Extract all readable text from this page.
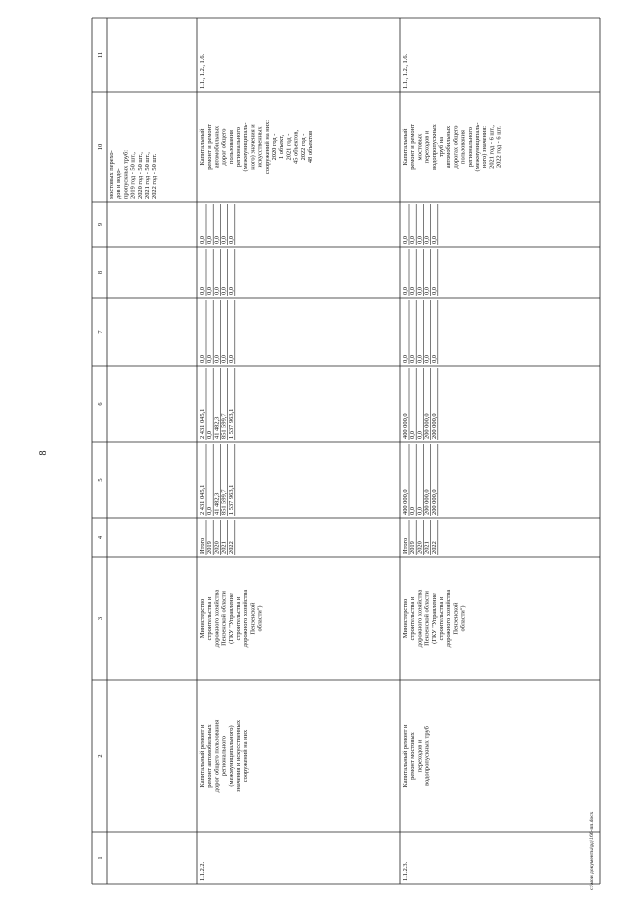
8
1
2
3
4
5
6
7
8
9
10
11
мостовых перехо-дов и водо-пропускных труб:2019 год - 50 шт.,2020 год - 50 шт.,2021 год - 50 шт.,2022 год - 50 шт.
1.1.2.2.
Капитальный ремонт иремонт автомобильныхдорог общего пользованиярегионального(межмуниципального)значения и искусственныхсооружений на них
Министерствостроительства идорожного хозяйстваПензенской области(ГКУ "Управлениестроительства идорожного хозяйстваПензенскойобласти")
Итого2019202020212022
2 431 045,10,041 482,3851 599,71 537 963,1
2 431 045,10,041 482,3851 599,71 537 963,1
0,00,00,00,00,0
0,00,00,00,00,0
0,00,00,00,00,0
Капитальныйремонт и ремонтавтомобильныхдорог общегопользованиярегионального(межмуниципаль-ного) значения иискусственныхсооружений на них:2020 год -1 объект,2021 год -45 объектов,2022 год -48 объектов
1.1., 1.2., 1.6.
1.1.2.3.
Капитальный ремонт иремонт мостовыхпереходов иводопропускных труб
Министерствостроительства идорожного хозяйстваПензенской области(ГКУ "Управлениестроительства идорожного хозяйстваПензенскойобласти")
Итого2019202020212022
400 000,00,00,0200 000,0200 000,0
400 000,00,00,0200 000,0200 000,0
0,00,00,00,00,0
0,00,00,00,00,0
0,00,00,00,00,0
Капитальныйремонт и ремонтмостовыхпереходов иводопропускныхтруб наавтомобильныхдорогах общегопользованиярегионального(межмуниципаль-ного) значения:2021 год - 6 шт.,2022 год - 6 шт.
1.1., 1.2., 1.6.
c:\мои документы\рд\166-пп.docx
